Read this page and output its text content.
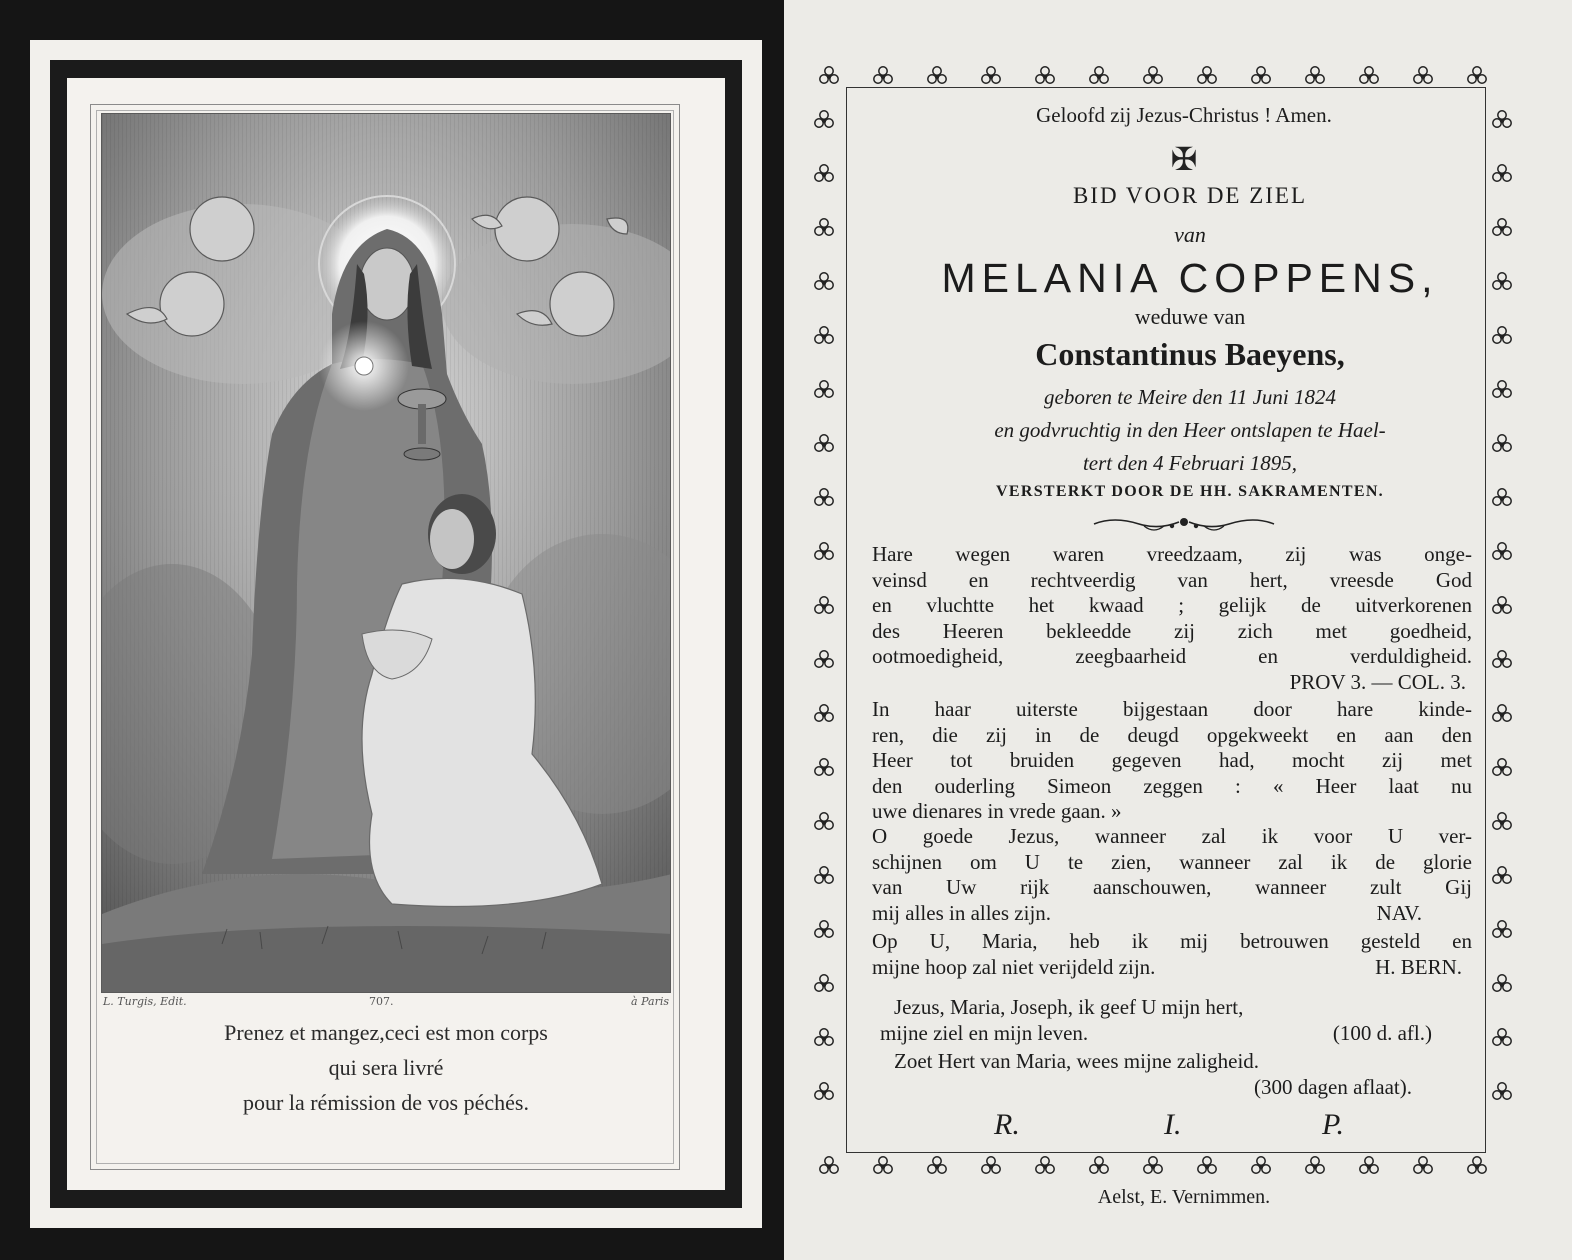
L. Turgis, Edit.	707.	à Paris
Prenez et mangez,ceci est mon corps
qui sera livré
pour la rémission de vos péchés.
Geloofd zij Jezus-Christus ! Amen.
✠
BID VOOR DE ZIEL
van
MELANIA COPPENS,
weduwe van
Constantinus Baeyens,
geboren te Meire den 11 Juni 1824
en godvruchtig in den Heer ontslapen te Hael-
tert den 4 Februari 1895,
VERSTERKT DOOR DE HH. SAKRAMENTEN.
Hare wegen waren vreedzaam, zij was onge-
veinsd en rechtveerdig van hert, vreesde God
en vluchtte het kwaad ; gelijk de uitverkorenen
des Heeren bekleedde zij zich met goedheid,
ootmoedigheid, zeegbaarheid en verduldigheid.
PROV 3. — COL. 3.
In haar uiterste bijgestaan door hare kinde-
ren, die zij in de deugd opgekweekt en aan den
Heer tot bruiden gegeven had, mocht zij met
den ouderling Simeon zeggen : « Heer laat nu
uwe dienares in vrede gaan. »
O goede Jezus, wanneer zal ik voor U ver-
schijnen om U te zien, wanneer zal ik de glorie
van Uw rijk aanschouwen, wanneer zult Gij
mij alles in alles zijn.	NAV.
Op U, Maria, heb ik mij betrouwen gesteld en
mijne hoop zal niet verijdeld zijn.	H. BERN.
Jezus, Maria, Joseph, ik geef U mijn hert,
mijne ziel en mijn leven.	(100 d. afl.)
Zoet Hert van Maria, wees mijne zaligheid.
(300 dagen aflaat).
R.	I.	P.
Aelst, E. Vernimmen.
